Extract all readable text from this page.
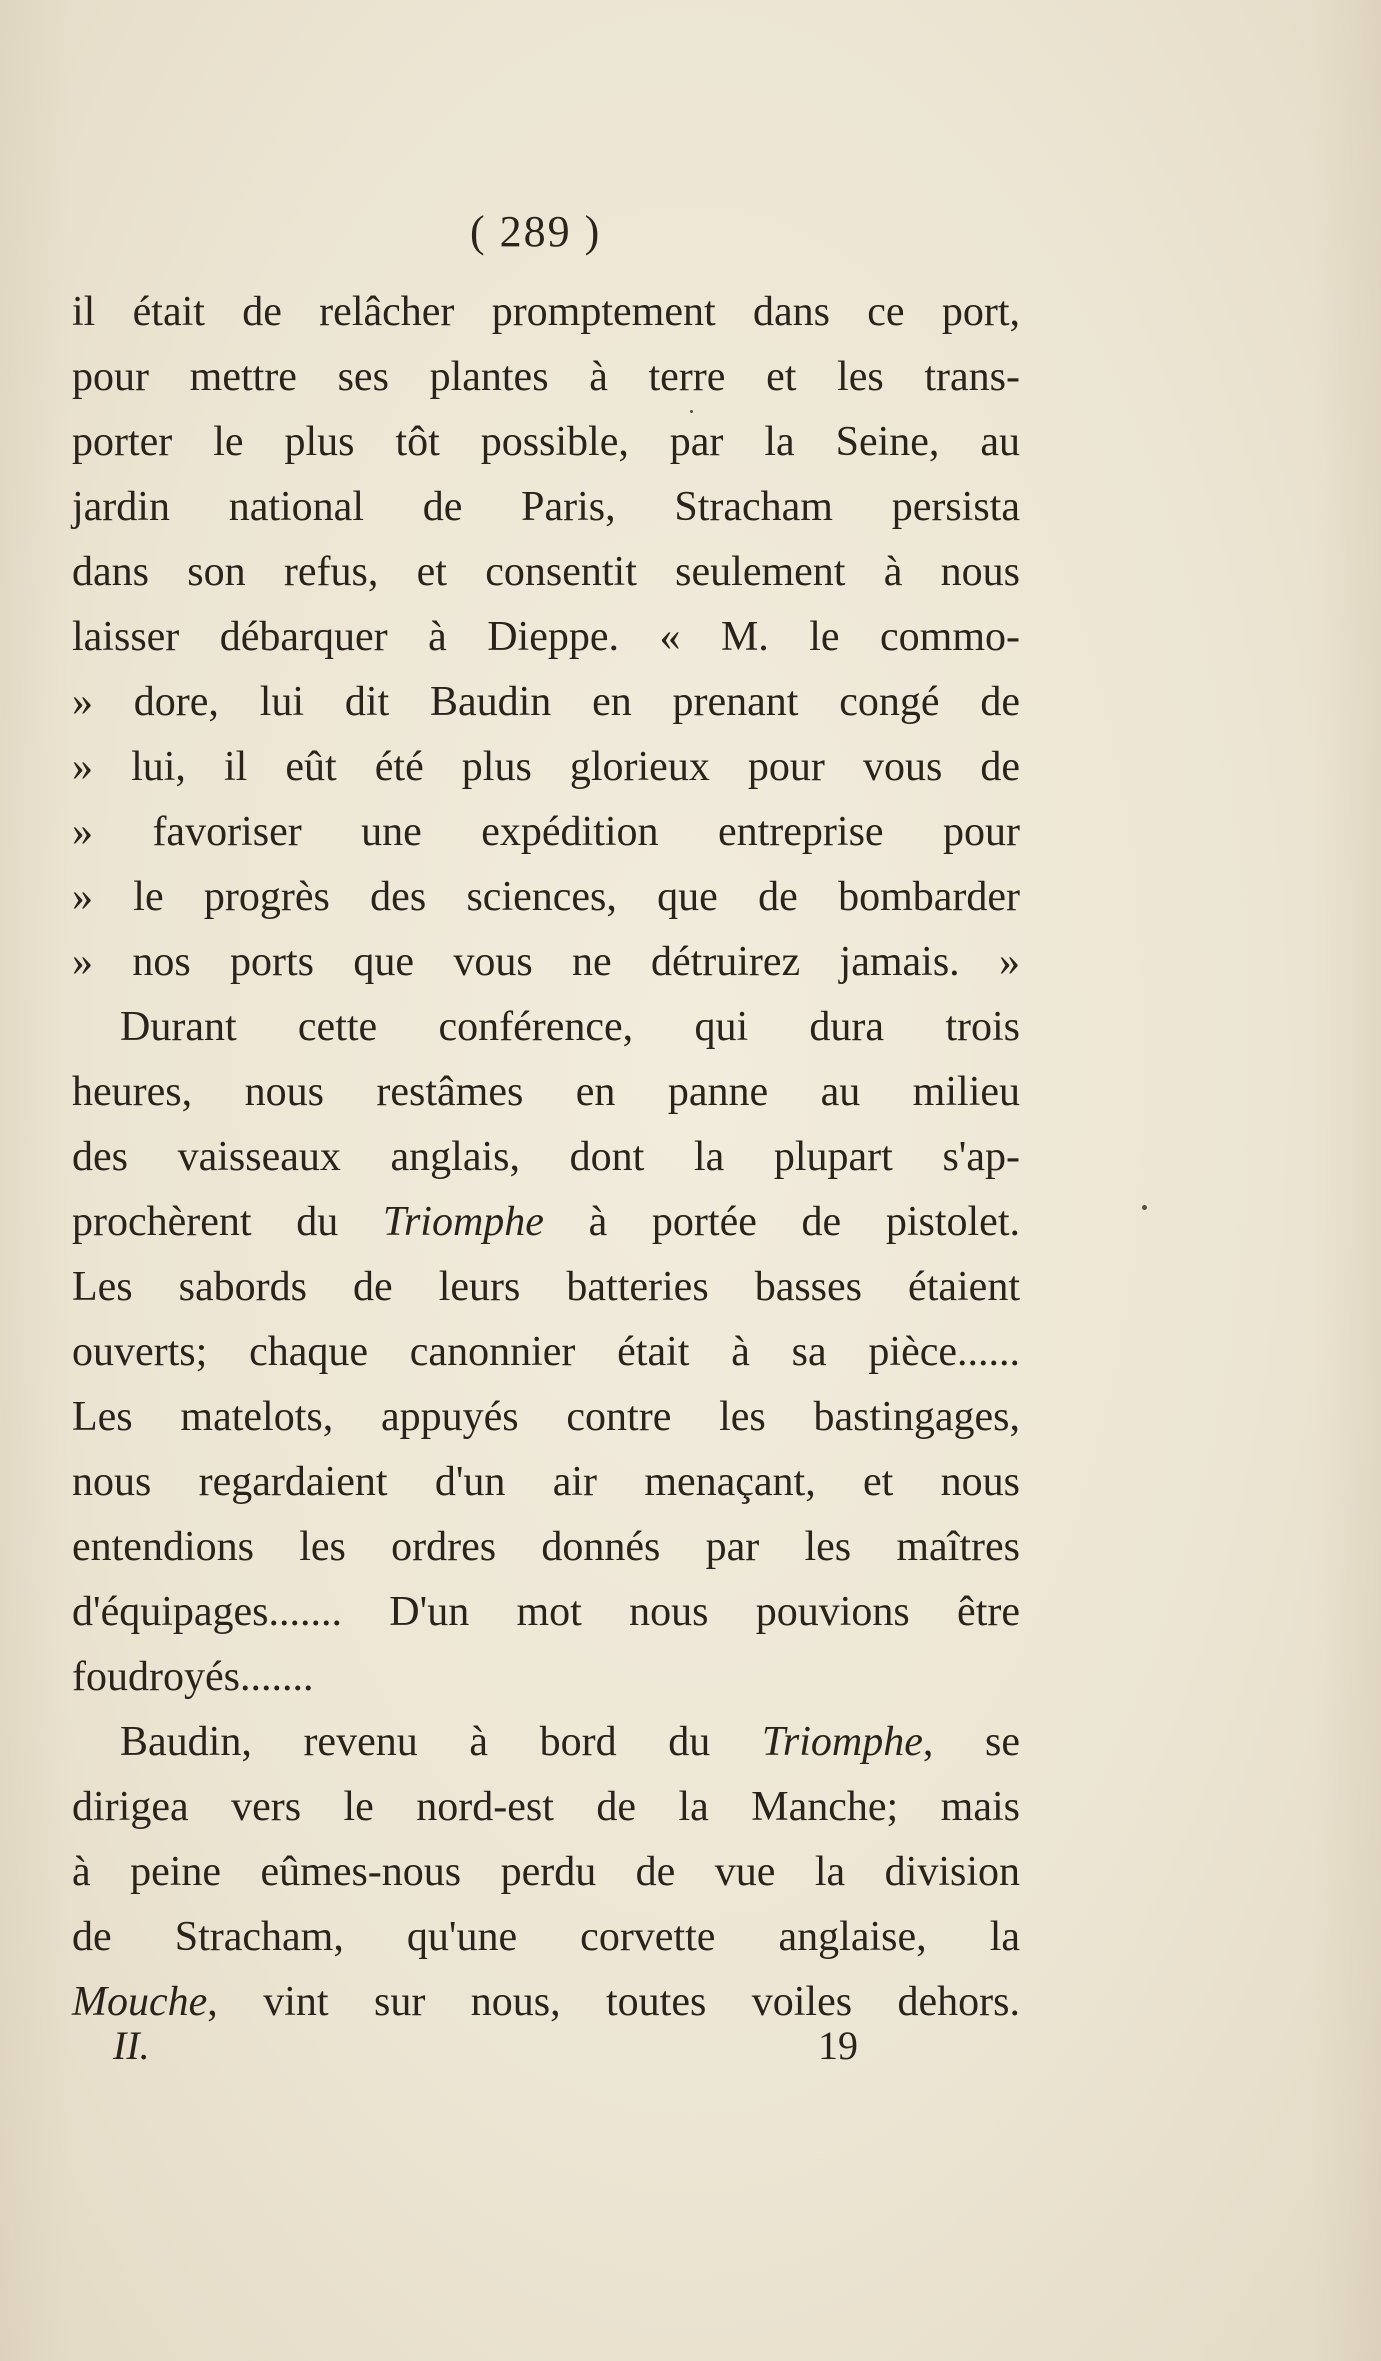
( 289 )
il était de relâcher promptement dans ce port,
pour mettre ses plantes à terre et les trans-
porter le plus tôt possible, par la Seine, au
jardin national de Paris, Stracham persista
dans son refus, et consentit seulement à nous
laisser débarquer à Dieppe. « M. le commo-
» dore, lui dit Baudin en prenant congé de
» lui, il eût été plus glorieux pour vous de
» favoriser une expédition entreprise pour
» le progrès des sciences, que de bombarder
» nos ports que vous ne détruirez jamais. »
Durant cette conférence, qui dura trois
heures, nous restâmes en panne au milieu
des vaisseaux anglais, dont la plupart s'ap-
prochèrent du Triomphe à portée de pistolet.
Les sabords de leurs batteries basses étaient
ouverts; chaque canonnier était à sa pièce......
Les matelots, appuyés contre les bastingages,
nous regardaient d'un air menaçant, et nous
entendions les ordres donnés par les maîtres
d'équipages....... D'un mot nous pouvions être
foudroyés.......
Baudin, revenu à bord du Triomphe, se
dirigea vers le nord-est de la Manche; mais
à peine eûmes-nous perdu de vue la division
de Stracham, qu'une corvette anglaise, la
Mouche, vint sur nous, toutes voiles dehors.
II.	19
